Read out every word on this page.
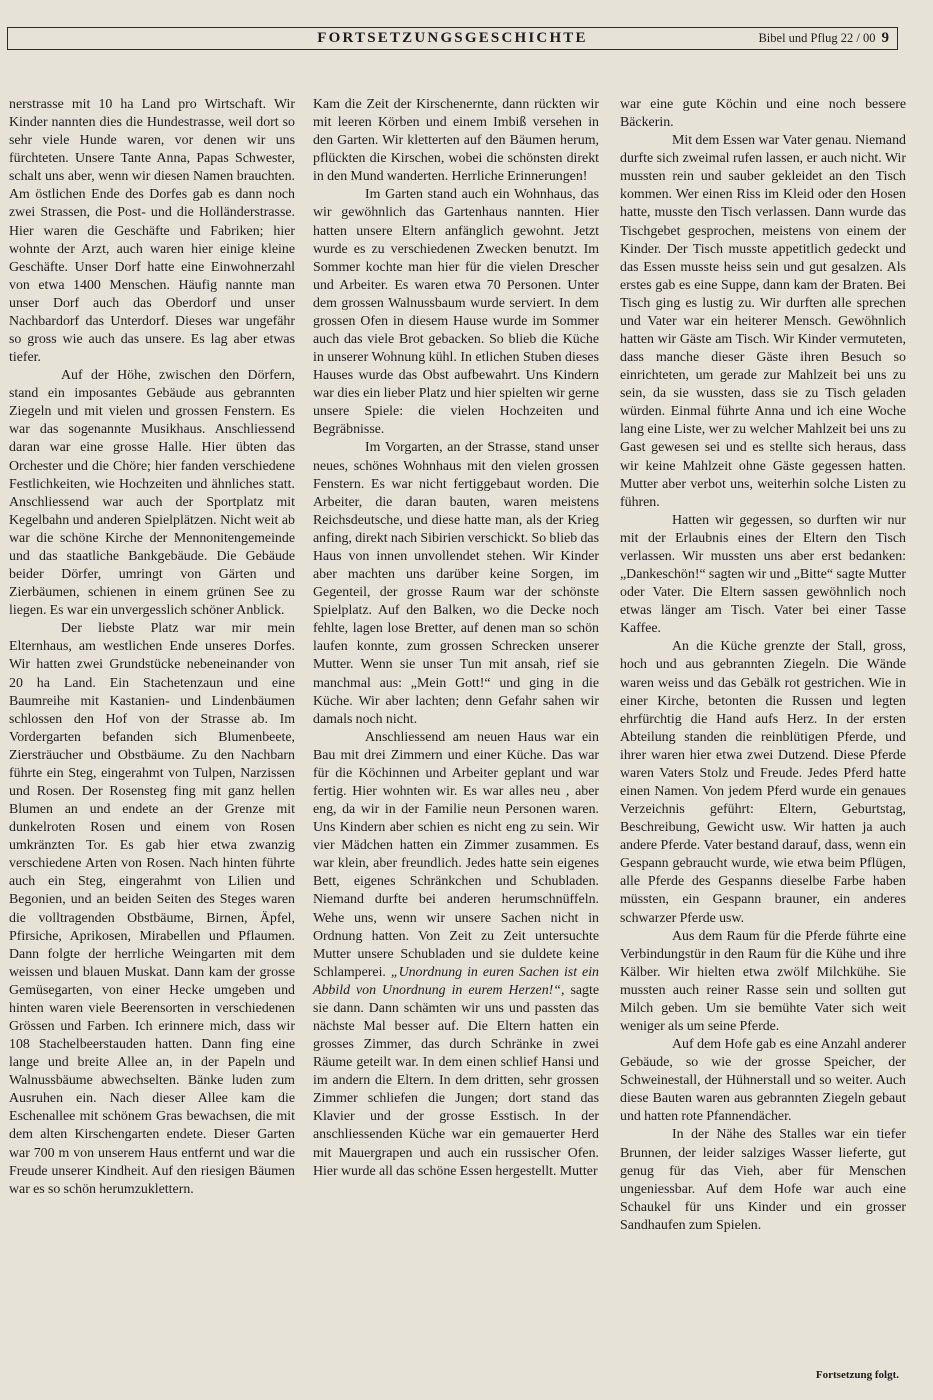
FORTSETZUNGSGESCHICHTE	Bibel und Pflug 22 / 00 9

nerstrasse mit 10 ha Land pro Wirtschaft. Wir Kinder nannten dies die Hundestrasse, weil dort so sehr viele Hunde waren, vor denen wir uns fürchteten. Unsere Tante Anna, Papas Schwester, schalt uns aber, wenn wir diesen Namen brauchten. Am östlichen Ende des Dorfes gab es dann noch zwei Strassen, die Post- und die Holländerstrasse. Hier waren die Geschäfte und Fabriken; hier wohnte der Arzt, auch waren hier einige kleine Geschäfte. Unser Dorf hatte eine Einwohnerzahl von etwa 1400 Menschen. Häufig nannte man unser Dorf auch das Oberdorf und unser Nachbardorf das Unterdorf. Dieses war ungefähr so gross wie auch das unsere. Es lag aber etwas tiefer.

Auf der Höhe, zwischen den Dörfern, stand ein imposantes Gebäude aus gebrannten Ziegeln und mit vielen und grossen Fenstern. Es war das sogenannte Musikhaus. Anschliessend daran war eine grosse Halle. Hier übten das Orchester und die Chöre; hier fanden verschiedene Festlichkeiten, wie Hochzeiten und ähnliches statt. Anschliessend war auch der Sportplatz mit Kegelbahn und anderen Spielplätzen. Nicht weit ab war die schöne Kirche der Mennonitengemeinde und das staatliche Bankgebäude. Die Gebäude beider Dörfer, umringt von Gärten und Zierbäumen, schienen in einem grünen See zu liegen. Es war ein unvergesslich schöner Anblick.

Der liebste Platz war mir mein Elternhaus, am westlichen Ende unseres Dorfes. Wir hatten zwei Grundstücke nebeneinander von 20 ha Land. Ein Stachetenzaun und eine Baumreihe mit Kastanien- und Lindenbäumen schlossen den Hof von der Strasse ab. Im Vordergarten befanden sich Blumenbeete, Ziersträucher und Obstbäume. Zu den Nachbarn führte ein Steg, eingerahmt von Tulpen, Narzissen und Rosen. Der Rosensteg fing mit ganz hellen Blumen an und endete an der Grenze mit dunkelroten Rosen und einem von Rosen umkränzten Tor. Es gab hier etwa zwanzig verschiedene Arten von Rosen. Nach hinten führte auch ein Steg, eingerahmt von Lilien und Begonien, und an beiden Seiten des Steges waren die volltragenden Obstbäume, Birnen, Äpfel, Pfirsiche, Aprikosen, Mirabellen und Pflaumen. Dann folgte der herrliche Weingarten mit dem weissen und blauen Muskat. Dann kam der grosse Gemüsegarten, von einer Hecke umgeben und hinten waren viele Beerensorten in verschiedenen Grössen und Farben. Ich erinnere mich, dass wir 108 Stachelbeerstauden hatten. Dann fing eine lange und breite Allee an, in der Papeln und Walnussbäume abwechselten. Bänke luden zum Ausruhen ein. Nach dieser Allee kam die Eschenallee mit schönem Gras bewachsen, die mit dem alten Kirschengarten endete. Dieser Garten war 700 m von unserem Haus entfernt und war die Freude unserer Kindheit. Auf den riesigen Bäumen war es so schön herumzuklettern.

Kam die Zeit der Kirschenernte, dann rückten wir mit leeren Körben und einem Imbiß versehen in den Garten. Wir kletterten auf den Bäumen herum, pflückten die Kirschen, wobei die schönsten direkt in den Mund wanderten. Herrliche Erinnerungen!

Im Garten stand auch ein Wohnhaus, das wir gewöhnlich das Gartenhaus nannten. Hier hatten unsere Eltern anfänglich gewohnt. Jetzt wurde es zu verschiedenen Zwecken benutzt. Im Sommer kochte man hier für die vielen Drescher und Arbeiter. Es waren etwa 70 Personen. Unter dem grossen Walnussbaum wurde serviert. In dem grossen Ofen in diesem Hause wurde im Sommer auch das viele Brot gebacken. So blieb die Küche in unserer Wohnung kühl. In etlichen Stuben dieses Hauses wurde das Obst aufbewahrt. Uns Kindern war dies ein lieber Platz und hier spielten wir gerne unsere Spiele: die vielen Hochzeiten und Begräbnisse.

Im Vorgarten, an der Strasse, stand unser neues, schönes Wohnhaus mit den vielen grossen Fenstern. Es war nicht fertiggebaut worden. Die Arbeiter, die daran bauten, waren meistens Reichsdeutsche, und diese hatte man, als der Krieg anfing, direkt nach Sibirien verschickt. So blieb das Haus von innen unvollendet stehen. Wir Kinder aber machten uns darüber keine Sorgen, im Gegenteil, der grosse Raum war der schönste Spielplatz. Auf den Balken, wo die Decke noch fehlte, lagen lose Bretter, auf denen man so schön laufen konnte, zum grossen Schrecken unserer Mutter. Wenn sie unser Tun mit ansah, rief sie manchmal aus: „Mein Gott!“ und ging in die Küche. Wir aber lachten; denn Gefahr sahen wir damals noch nicht.

Anschliessend am neuen Haus war ein Bau mit drei Zimmern und einer Küche. Das war für die Köchinnen und Arbeiter geplant und war fertig. Hier wohnten wir. Es war alles neu , aber eng, da wir in der Familie neun Personen waren. Uns Kindern aber schien es nicht eng zu sein. Wir vier Mädchen hatten ein Zimmer zusammen. Es war klein, aber freundlich. Jedes hatte sein eigenes Bett, eigenes Schränkchen und Schubladen. Niemand durfte bei anderen herumschnüffeln. Wehe uns, wenn wir unsere Sachen nicht in Ordnung hatten. Von Zeit zu Zeit untersuchte Mutter unsere Schubladen und sie duldete keine Schlamperei. „Unordnung in euren Sachen ist ein Abbild von Unordnung in eurem Herzen!“, sagte sie dann. Dann schämten wir uns und passten das nächste Mal besser auf. Die Eltern hatten ein grosses Zimmer, das durch Schränke in zwei Räume geteilt war. In dem einen schlief Hansi und im andern die Eltern. In dem dritten, sehr grossen Zimmer schliefen die Jungen; dort stand das Klavier und der grosse Esstisch. In der anschliessenden Küche war ein gemauerter Herd mit Mauergrapen und auch ein russischer Ofen. Hier wurde all das schöne Essen hergestellt. Mutter

war eine gute Köchin und eine noch bessere Bäckerin.

Mit dem Essen war Vater genau. Niemand durfte sich zweimal rufen lassen, er auch nicht. Wir mussten rein und sauber gekleidet an den Tisch kommen. Wer einen Riss im Kleid oder den Hosen hatte, musste den Tisch verlassen. Dann wurde das Tischgebet gesprochen, meistens von einem der Kinder. Der Tisch musste appetitlich gedeckt und das Essen musste heiss sein und gut gesalzen. Als erstes gab es eine Suppe, dann kam der Braten. Bei Tisch ging es lustig zu. Wir durften alle sprechen und Vater war ein heiterer Mensch. Gewöhnlich hatten wir Gäste am Tisch. Wir Kinder vermuteten, dass manche dieser Gäste ihren Besuch so einrichteten, um gerade zur Mahlzeit bei uns zu sein, da sie wussten, dass sie zu Tisch geladen würden. Einmal führte Anna und ich eine Woche lang eine Liste, wer zu welcher Mahlzeit bei uns zu Gast gewesen sei und es stellte sich heraus, dass wir keine Mahlzeit ohne Gäste gegessen hatten. Mutter aber verbot uns, weiterhin solche Listen zu führen.

Hatten wir gegessen, so durften wir nur mit der Erlaubnis eines der Eltern den Tisch verlassen. Wir mussten uns aber erst bedanken: „Dankeschön!“ sagten wir und „Bitte“ sagte Mutter oder Vater. Die Eltern sassen gewöhnlich noch etwas länger am Tisch. Vater bei einer Tasse Kaffee.

An die Küche grenzte der Stall, gross, hoch und aus gebrannten Ziegeln. Die Wände waren weiss und das Gebälk rot gestrichen. Wie in einer Kirche, betonten die Russen und legten ehrfürchtig die Hand aufs Herz. In der ersten Abteilung standen die reinblütigen Pferde, und ihrer waren hier etwa zwei Dutzend. Diese Pferde waren Vaters Stolz und Freude. Jedes Pferd hatte einen Namen. Von jedem Pferd wurde ein genaues Verzeichnis geführt: Eltern, Geburtstag, Beschreibung, Gewicht usw. Wir hatten ja auch andere Pferde. Vater bestand darauf, dass, wenn ein Gespann gebraucht wurde, wie etwa beim Pflügen, alle Pferde des Gespanns dieselbe Farbe haben müssten, ein Gespann brauner, ein anderes schwarzer Pferde usw.

Aus dem Raum für die Pferde führte eine Verbindungstür in den Raum für die Kühe und ihre Kälber. Wir hielten etwa zwölf Milchkühe. Sie mussten auch reiner Rasse sein und sollten gut Milch geben. Um sie bemühte Vater sich weit weniger als um seine Pferde.

Auf dem Hofe gab es eine Anzahl anderer Gebäude, so wie der grosse Speicher, der Schweinestall, der Hühnerstall und so weiter. Auch diese Bauten waren aus gebrannten Ziegeln gebaut und hatten rote Pfannendächer.

In der Nähe des Stalles war ein tiefer Brunnen, der leider salziges Wasser lieferte, gut genug für das Vieh, aber für Menschen ungeniessbar. Auf dem Hofe war auch eine Schaukel für uns Kinder und ein grosser Sandhaufen zum Spielen.

Fortsetzung folgt.
